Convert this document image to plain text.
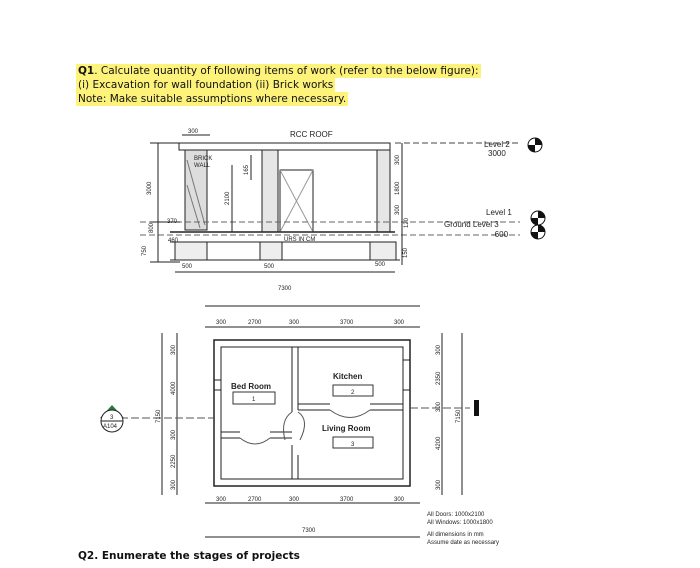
Q1. Calculate quantity of following items of work (refer to the below figure):
(i) Excavation for wall foundation (ii) Brick works
Note: Make suitable assumptions where necessary.
RCC ROOF
BRICK
WALL
URS IN CM
300
3000
2100
165
300
1800
300
120
370
800
750
460
150
500	500	500
7300
Level 2
3000
Level 1
Ground Level 3
-600
Bed Room
1
Kitchen
2
Living Room
3
300	2700	300	3700	300
300	2700	300	3700	300
7300
300
4000
300
2250
300
7150
300
2350
300
4200
300
7150
3
A104
All Doors: 1000x2100
All Windows: 1000x1800
All dimensions in mm
Assume date as necessary
Q2. Enumerate the stages of projects
